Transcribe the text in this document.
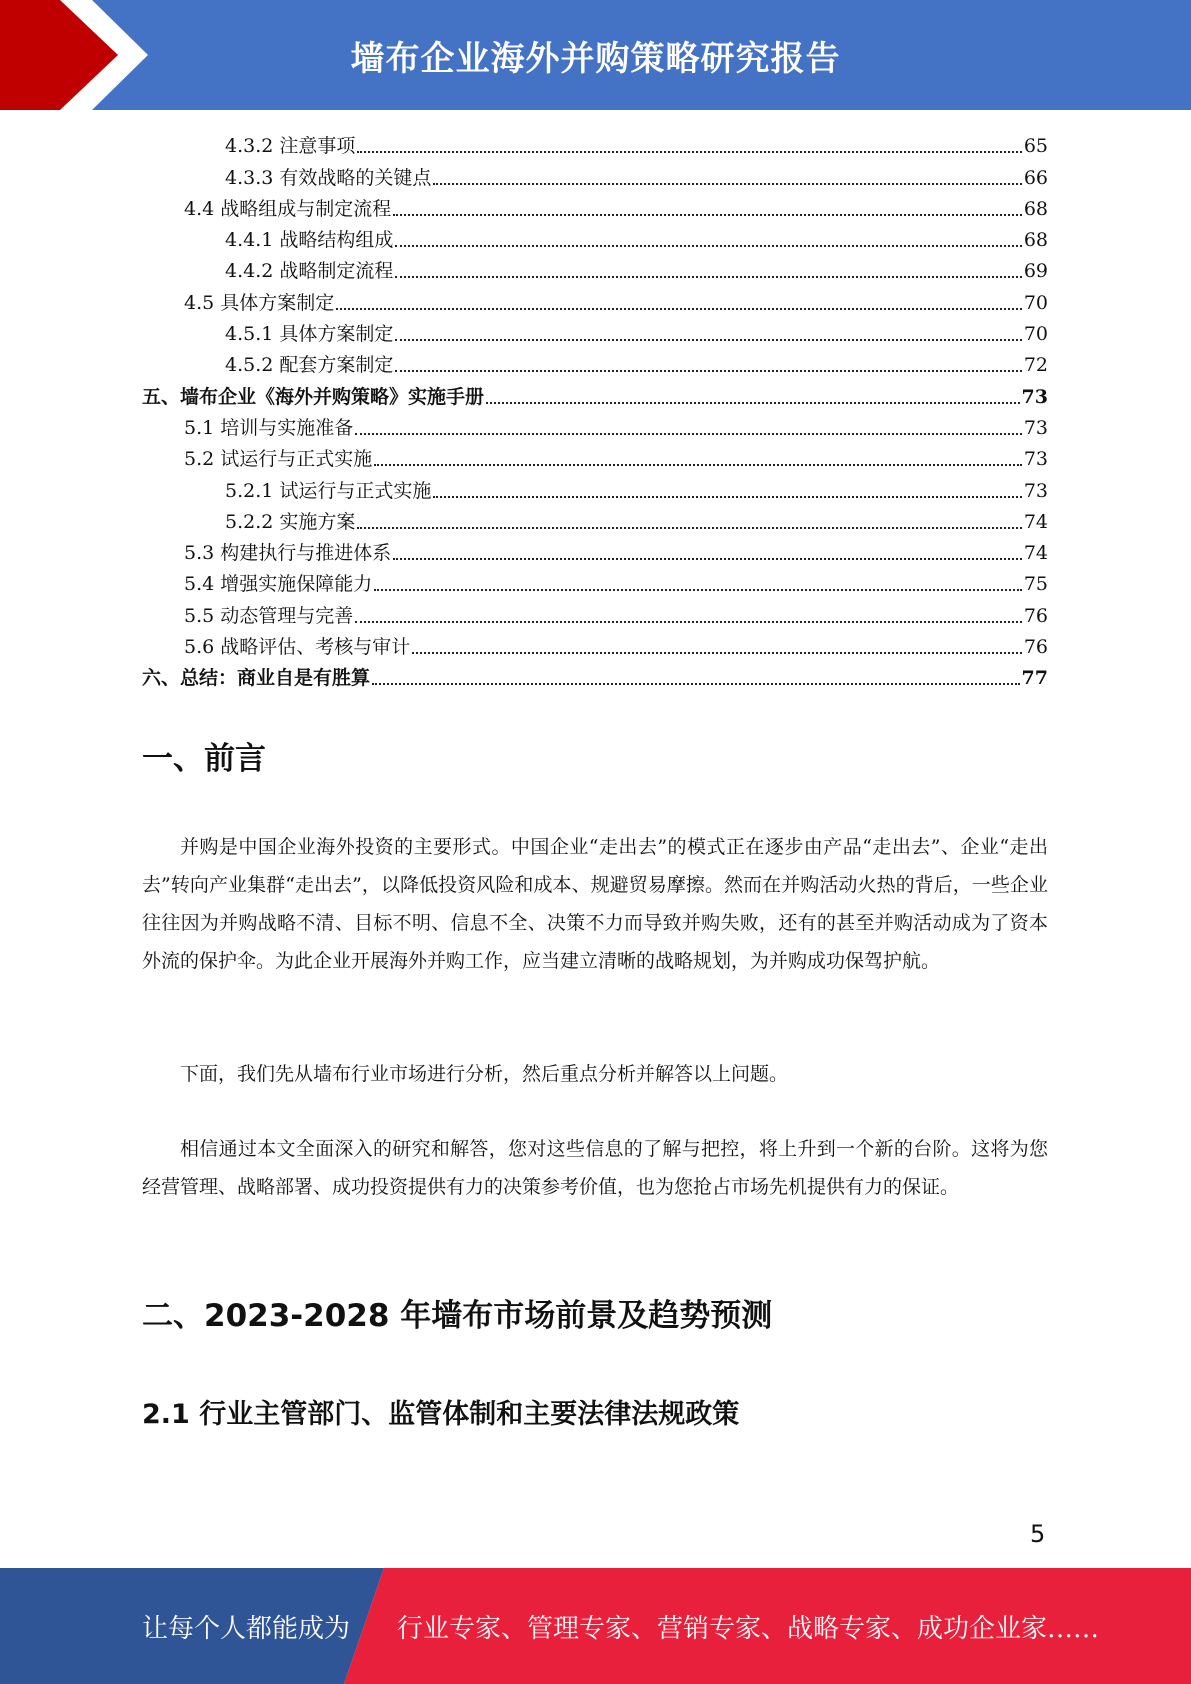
墙布企业海外并购策略研究报告
4.3.2 注意事项	65
4.3.3 有效战略的关键点	66
4.4 战略组成与制定流程	68
4.4.1 战略结构组成	68
4.4.2 战略制定流程	69
4.5 具体方案制定	70
4.5.1 具体方案制定	70
4.5.2 配套方案制定	72
五、墙布企业《海外并购策略》实施手册	73
5.1 培训与实施准备	73
5.2 试运行与正式实施	73
5.2.1 试运行与正式实施	73
5.2.2 实施方案	74
5.3 构建执行与推进体系	74
5.4 增强实施保障能力	75
5.5 动态管理与完善	76
5.6 战略评估、考核与审计	76
六、总结：商业自是有胜算	77
一、前言

并购是中国企业海外投资的主要形式。中国企业“走出去”的模式正在逐步由产品“走出去”、企业“走出去”转向产业集群“走出去”，以降低投资风险和成本、规避贸易摩擦。然而在并购活动火热的背后，一些企业往往因为并购战略不清、目标不明、信息不全、决策不力而导致并购失败，还有的甚至并购活动成为了资本外流的保护伞。为此企业开展海外并购工作，应当建立清晰的战略规划，为并购成功保驾护航。

下面，我们先从墙布行业市场进行分析，然后重点分析并解答以上问题。

相信通过本文全面深入的研究和解答，您对这些信息的了解与把控，将上升到一个新的台阶。这将为您经营管理、战略部署、成功投资提供有力的决策参考价值，也为您抢占市场先机提供有力的保证。

二、2023-2028 年墙布市场前景及趋势预测
2.1 行业主管部门、监管体制和主要法律法规政策
5
让每个人都能成为 行业专家、管理专家、营销专家、战略专家、成功企业家……
